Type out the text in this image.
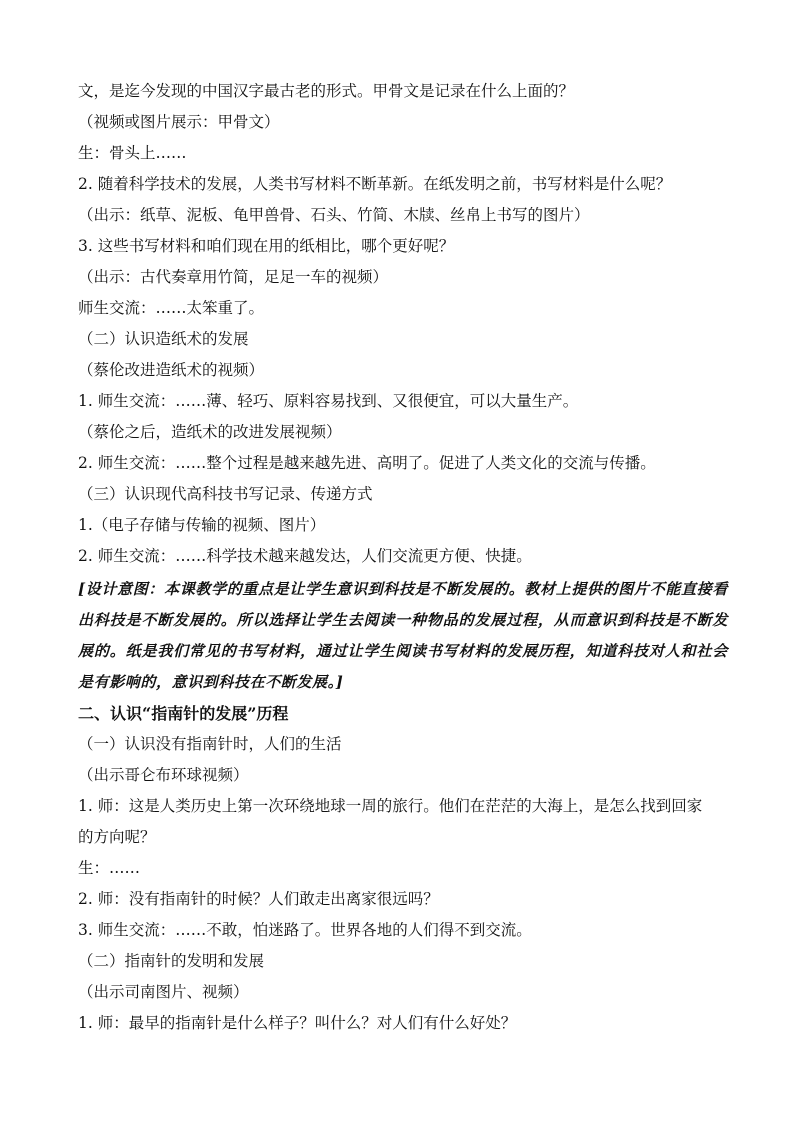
文，是迄今发现的中国汉字最古老的形式。甲骨文是记录在什么上面的？
（视频或图片展示：甲骨文）
生：骨头上……
2. 随着科学技术的发展，人类书写材料不断革新。在纸发明之前，书写材料是什么呢？
（出示：纸草、泥板、龟甲兽骨、石头、竹简、木牍、丝帛上书写的图片）
3. 这些书写材料和咱们现在用的纸相比，哪个更好呢？
（出示：古代奏章用竹简，足足一车的视频）
师生交流：……太笨重了。
（二）认识造纸术的发展
（蔡伦改进造纸术的视频）
1. 师生交流：……薄、轻巧、原料容易找到、又很便宜，可以大量生产。
（蔡伦之后，造纸术的改进发展视频）
2. 师生交流：……整个过程是越来越先进、高明了。促进了人类文化的交流与传播。
（三）认识现代高科技书写记录、传递方式
1.（电子存储与传输的视频、图片）
2. 师生交流：……科学技术越来越发达，人们交流更方便、快捷。
[设计意图：本课教学的重点是让学生意识到科技是不断发展的。教材上提供的图片不能直接看出科技是不断发展的。所以选择让学生去阅读一种物品的发展过程，从而意识到科技是不断发展的。纸是我们常见的书写材料，通过让学生阅读书写材料的发展历程，知道科技对人和社会是有影响的，意识到科技在不断发展。]
二、认识“指南针的发展”历程
（一）认识没有指南针时，人们的生活
（出示哥仑布环球视频）
1. 师：这是人类历史上第一次环绕地球一周的旅行。他们在茫茫的大海上，是怎么找到回家
的方向呢？
生：……
2. 师：没有指南针的时候？人们敢走出离家很远吗？
3. 师生交流：……不敢，怕迷路了。世界各地的人们得不到交流。
（二）指南针的发明和发展
（出示司南图片、视频）
1. 师：最早的指南针是什么样子？叫什么？对人们有什么好处？
